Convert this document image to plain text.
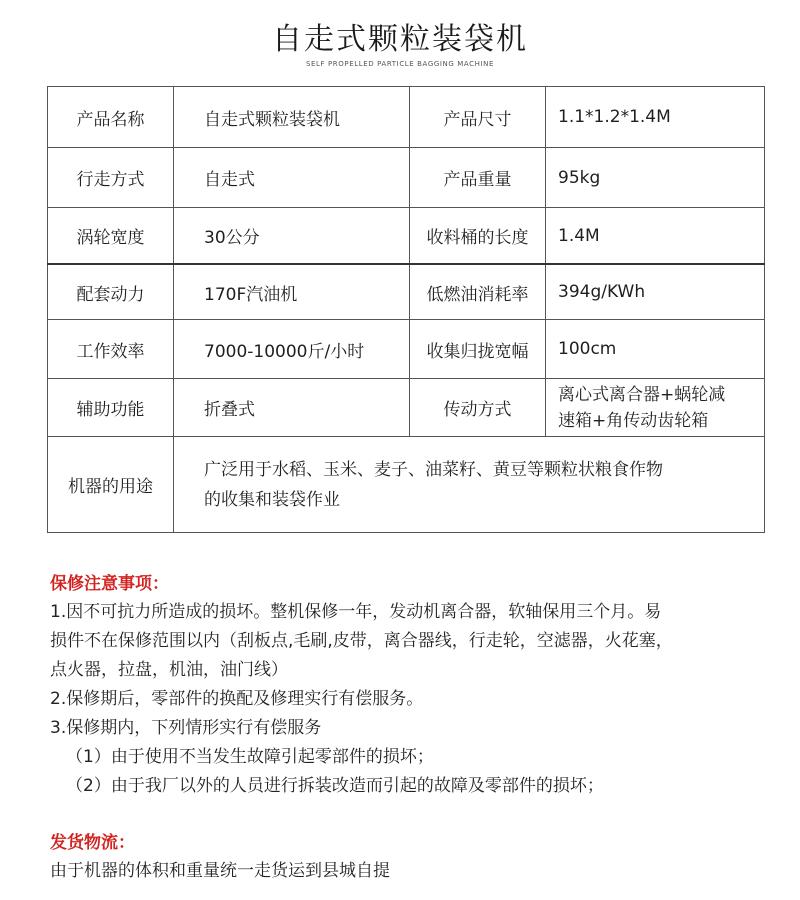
自走式颗粒装袋机
SELF PROPELLED PARTICLE BAGGING MACHINE
产品名称	自走式颗粒装袋机	产品尺寸	1.1*1.2*1.4M
行走方式	自走式	产品重量	95kg
涡轮宽度	30公分	收料桶的长度	1.4M
配套动力	170F汽油机	低燃油消耗率	394g/KWh
工作效率	7000-10000斤/小时	收集归拢宽幅	100cm
辅助功能	折叠式	传动方式	离心式离合器+蜗轮减
速箱+角传动齿轮箱

机器的用途	广泛用于水稻、玉米、麦子、油菜籽、黄豆等颗粒状粮食作物
的收集和装袋作业		
保修注意事项：
1.因不可抗力所造成的损坏。整机保修一年，发动机离合器，软轴保用三个月。易
损件不在保修范围以内（刮板点,毛刷,皮带，离合器线，行走轮，空滤器，火花塞，
点火器，拉盘，机油，油门线）
2.保修期后，零部件的换配及修理实行有偿服务。
3.保修期内，下列情形实行有偿服务
（1）由于使用不当发生故障引起零部件的损坏；
（2）由于我厂以外的人员进行拆装改造而引起的故障及零部件的损坏；
发货物流：
由于机器的体积和重量统一走货运到县城自提
